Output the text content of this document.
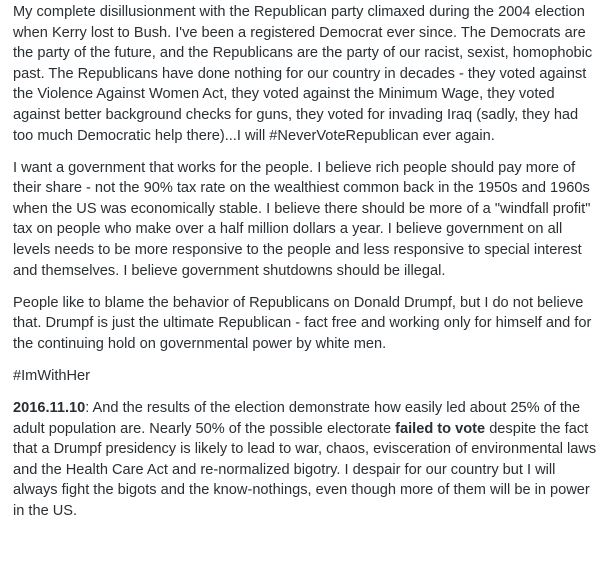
My complete disillusionment with the Republican party climaxed during the 2004 election when Kerry lost to Bush. I've been a registered Democrat ever since. The Democrats are the party of the future, and the Republicans are the party of our racist, sexist, homophobic past. The Republicans have done nothing for our country in decades - they voted against the Violence Against Women Act, they voted against the Minimum Wage, they voted against better background checks for guns, they voted for invading Iraq (sadly, they had too much Democratic help there)...I will #NeverVoteRepublican ever again.

I want a government that works for the people. I believe rich people should pay more of their share - not the 90% tax rate on the wealthiest common back in the 1950s and 1960s when the US was economically stable. I believe there should be more of a "windfall profit" tax on people who make over a half million dollars a year. I believe government on all levels needs to be more responsive to the people and less responsive to special interest and themselves. I believe government shutdowns should be illegal.

People like to blame the behavior of Republicans on Donald Drumpf, but I do not believe that. Drumpf is just the ultimate Republican - fact free and working only for himself and for the continuing hold on governmental power by white men.

#ImWithHer

2016.11.10: And the results of the election demonstrate how easily led about 25% of the adult population are. Nearly 50% of the possible electorate failed to vote despite the fact that a Drumpf presidency is likely to lead to war, chaos, evisceration of environmental laws and the Health Care Act and re-normalized bigotry. I despair for our country but I will always fight the bigots and the know-nothings, even though more of them will be in power in the US.
